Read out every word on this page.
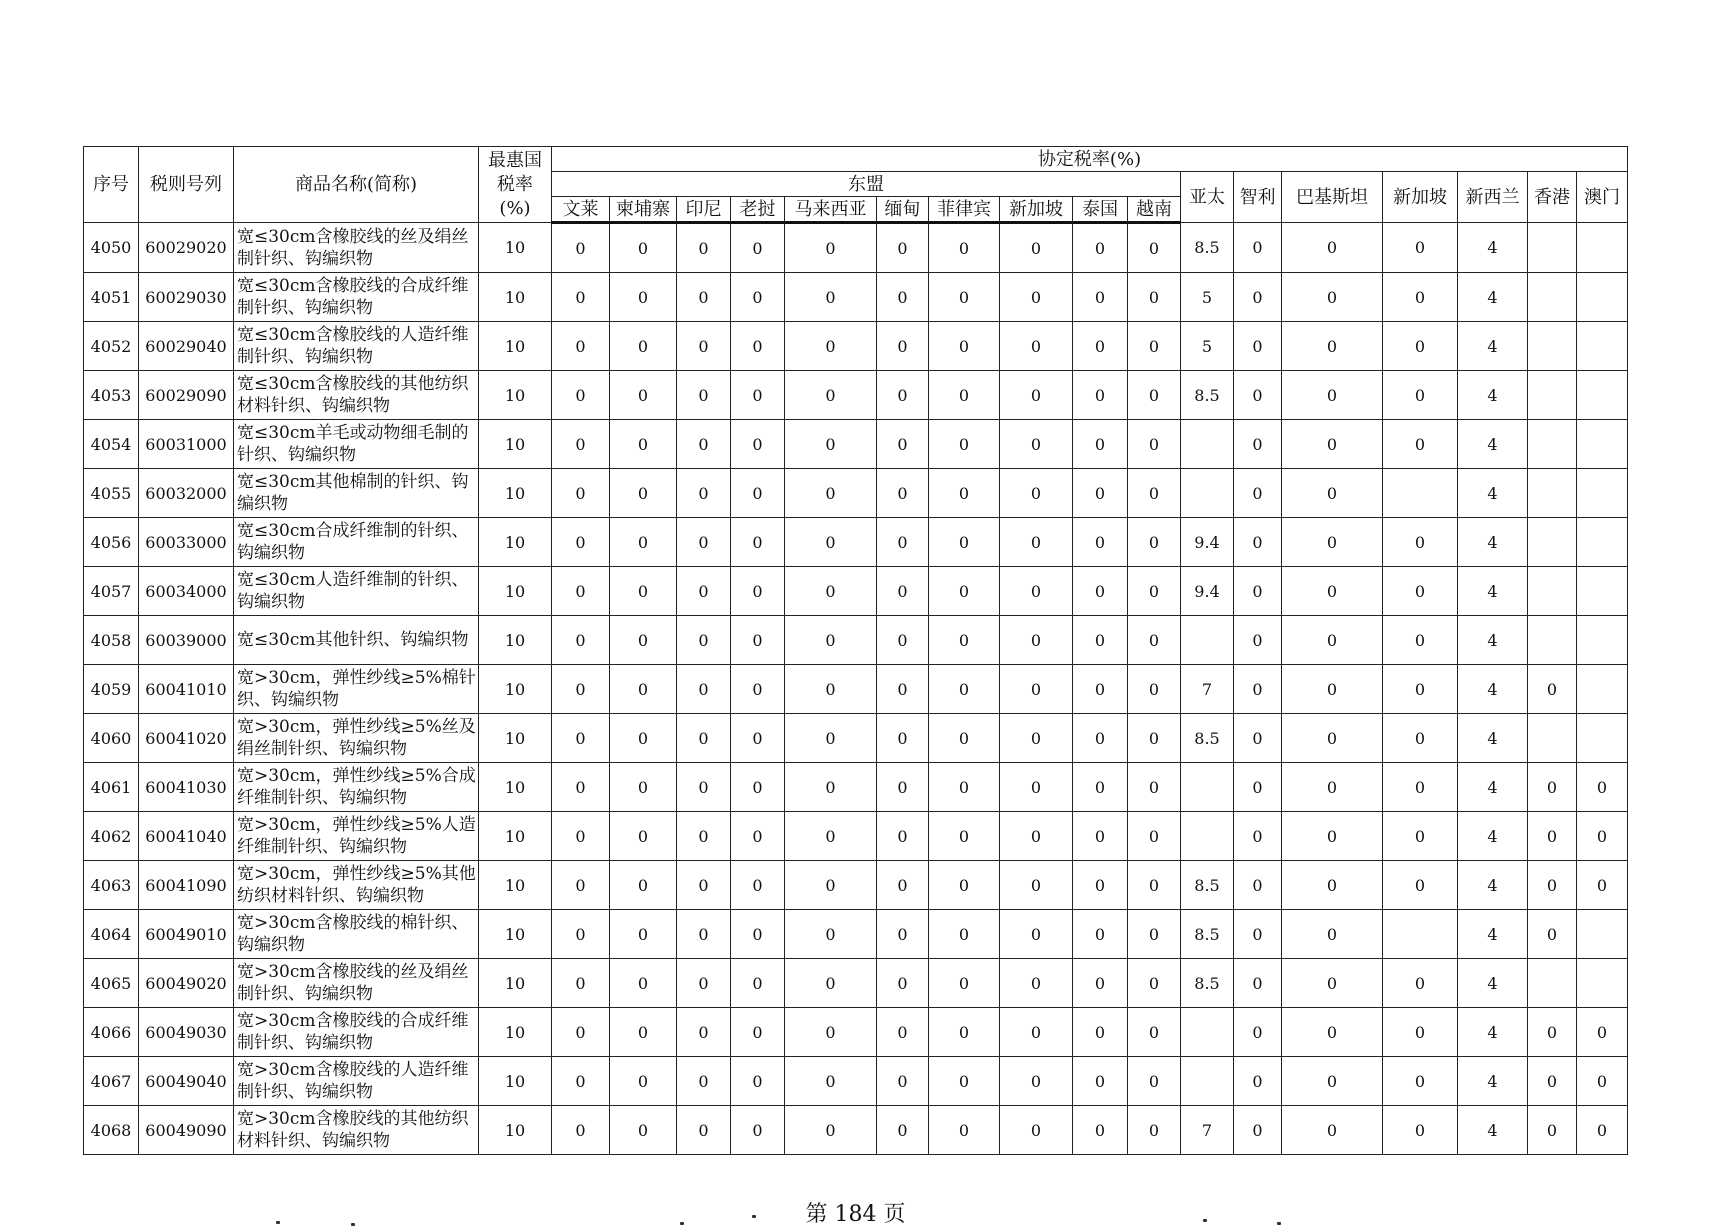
序号	税则号列	商品名称(简称)	最惠国
税率
(%)	协定税率(%)																
				东盟										亚太	智利	巴基斯坦	新加坡	新西兰	香港	澳门
				文莱	柬埔寨	印尼	老挝	马来西亚	缅甸	菲律宾	新加坡	泰国	越南							
4050	60029020	宽≤30cm含橡胶线的丝及绢丝制针织、钩编织物	10	0	0	0	0	0	0	0	0	0	0	8.5	0	0	0	4		
4051	60029030	宽≤30cm含橡胶线的合成纤维制针织、钩编织物	10	0	0	0	0	0	0	0	0	0	0	5	0	0	0	4		
4052	60029040	宽≤30cm含橡胶线的人造纤维制针织、钩编织物	10	0	0	0	0	0	0	0	0	0	0	5	0	0	0	4		
4053	60029090	宽≤30cm含橡胶线的其他纺织材料针织、钩编织物	10	0	0	0	0	0	0	0	0	0	0	8.5	0	0	0	4		
4054	60031000	宽≤30cm羊毛或动物细毛制的针织、钩编织物	10	0	0	0	0	0	0	0	0	0	0		0	0	0	4		
4055	60032000	宽≤30cm其他棉制的针织、钩编织物	10	0	0	0	0	0	0	0	0	0	0		0	0		4		
4056	60033000	宽≤30cm合成纤维制的针织、钩编织物	10	0	0	0	0	0	0	0	0	0	0	9.4	0	0	0	4		
4057	60034000	宽≤30cm人造纤维制的针织、钩编织物	10	0	0	0	0	0	0	0	0	0	0	9.4	0	0	0	4		
4058	60039000	宽≤30cm其他针织、钩编织物	10	0	0	0	0	0	0	0	0	0	0		0	0	0	4		
4059	60041010	宽>30cm，弹性纱线≥5%棉针织、钩编织物	10	0	0	0	0	0	0	0	0	0	0	7	0	0	0	4	0	
4060	60041020	宽>30cm，弹性纱线≥5%丝及绢丝制针织、钩编织物	10	0	0	0	0	0	0	0	0	0	0	8.5	0	0	0	4		
4061	60041030	宽>30cm，弹性纱线≥5%合成纤维制针织、钩编织物	10	0	0	0	0	0	0	0	0	0	0		0	0	0	4	0	0
4062	60041040	宽>30cm，弹性纱线≥5%人造纤维制针织、钩编织物	10	0	0	0	0	0	0	0	0	0	0		0	0	0	4	0	0
4063	60041090	宽>30cm，弹性纱线≥5%其他纺织材料针织、钩编织物	10	0	0	0	0	0	0	0	0	0	0	8.5	0	0	0	4	0	0
4064	60049010	宽>30cm含橡胶线的棉针织、钩编织物	10	0	0	0	0	0	0	0	0	0	0	8.5	0	0		4	0	
4065	60049020	宽>30cm含橡胶线的丝及绢丝制针织、钩编织物	10	0	0	0	0	0	0	0	0	0	0	8.5	0	0	0	4		
4066	60049030	宽>30cm含橡胶线的合成纤维制针织、钩编织物	10	0	0	0	0	0	0	0	0	0	0		0	0	0	4	0	0
4067	60049040	宽>30cm含橡胶线的人造纤维制针织、钩编织物	10	0	0	0	0	0	0	0	0	0	0		0	0	0	4	0	0
4068	60049090	宽>30cm含橡胶线的其他纺织材料针织、钩编织物	10	0	0	0	0	0	0	0	0	0	0	7	0	0	0	4	0	0
第 184 页
